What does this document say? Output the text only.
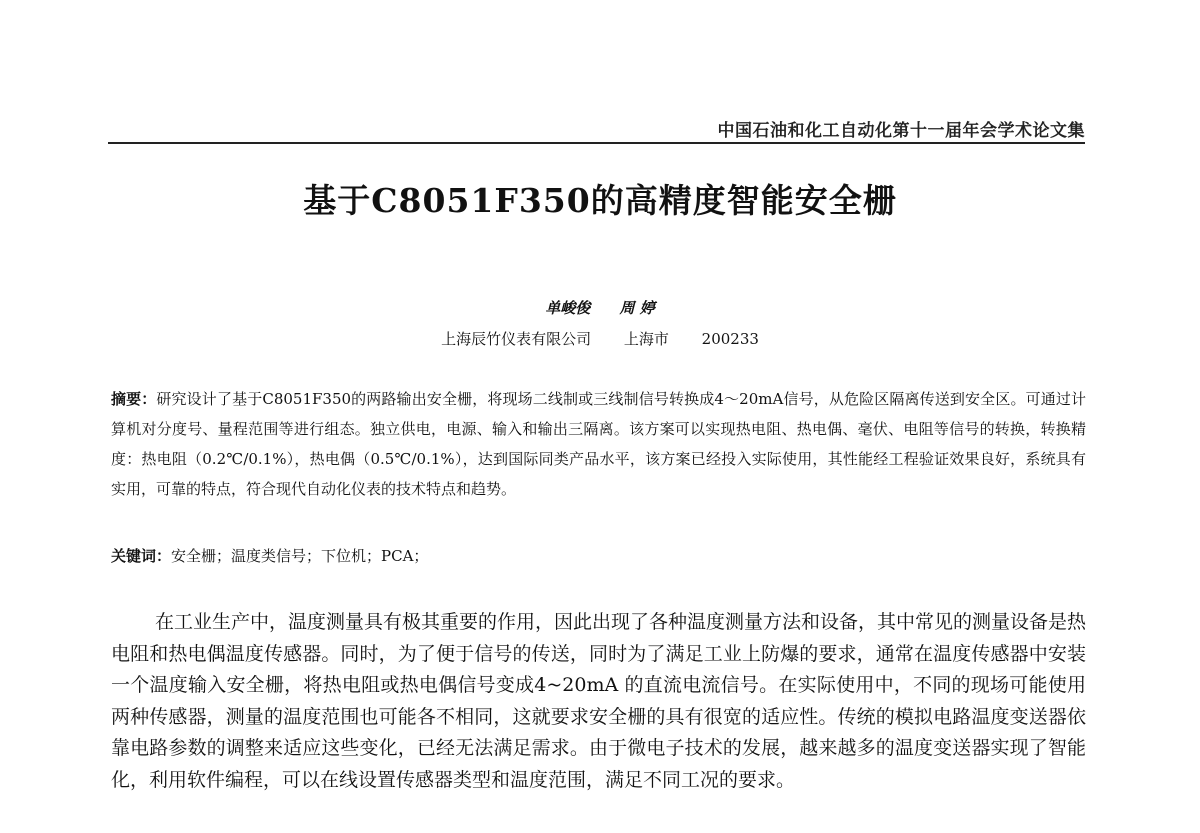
中国石油和化工自动化第十一届年会学术论文集
基于C8051F350的高精度智能安全栅
单峻俊 周 婷
上海辰竹仪表有限公司 上海市 200233
摘要：研究设计了基于C8051F350的两路输出安全栅，将现场二线制或三线制信号转换成4～20mA信号，从危险区隔离传送到安全区。可通过计算机对分度号、量程范围等进行组态。独立供电，电源、输入和输出三隔离。该方案可以实现热电阻、热电偶、毫伏、电阻等信号的转换，转换精度：热电阻（0.2℃/0.1%），热电偶（0.5℃/0.1%），达到国际同类产品水平，该方案已经投入实际使用，其性能经工程验证效果良好，系统具有实用，可靠的特点，符合现代自动化仪表的技术特点和趋势。
关键词：安全栅；温度类信号；下位机；PCA；

在工业生产中，温度测量具有极其重要的作用，因此出现了各种温度测量方法和设备，其中常见的测量设备是热电阻和热电偶温度传感器。同时，为了便于信号的传送，同时为了满足工业上防爆的要求，通常在温度传感器中安装一个温度输入安全栅，将热电阻或热电偶信号变成4~20mA 的直流电流信号。在实际使用中，不同的现场可能使用两种传感器，测量的温度范围也可能各不相同，这就要求安全栅的具有很宽的适应性。传统的模拟电路温度变送器依靠电路参数的调整来适应这些变化，已经无法满足需求。由于微电子技术的发展，越来越多的温度变送器实现了智能化，利用软件编程，可以在线设置传感器类型和温度范围，满足不同工况的要求。
